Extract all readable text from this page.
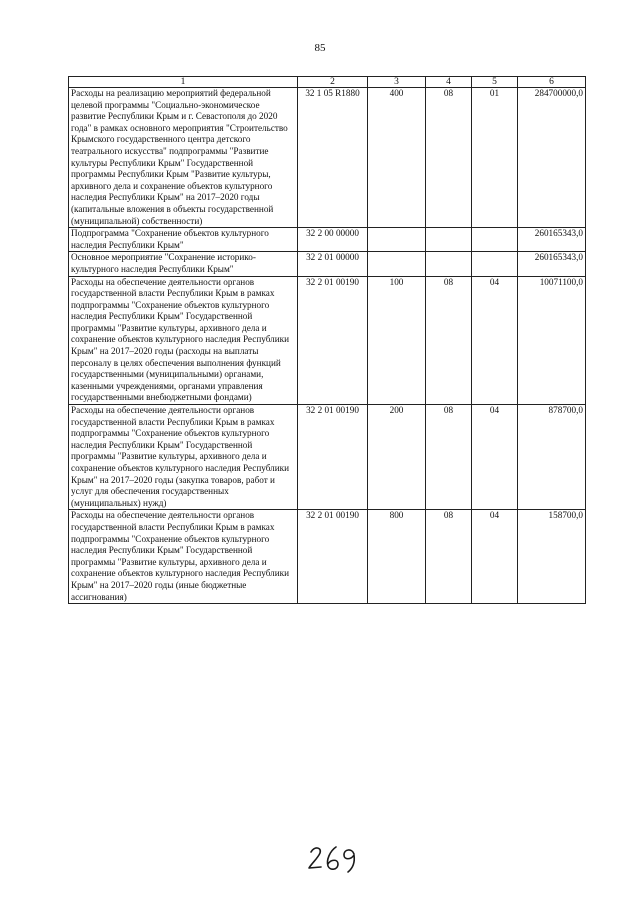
85
1	2	3	4	5	6
Расходы на реализацию мероприятий федеральной целевой программы "Социально-экономическое развитие Республики Крым и г. Севастополя до 2020 года" в рамках основного мероприятия "Строительство Крымского государственного центра детского театрального искусства" подпрограммы "Развитие культуры Республики Крым" Государственной программы Республики Крым "Развитие культуры, архивного дела и сохранение объектов культурного наследия Республики Крым" на 2017–2020 годы (капитальные вложения в объекты государственной (муниципальной) собственности)	32 1 05 R1880	400	08	01	284700000,0
Подпрограмма "Сохранение объектов культурного наследия Республики Крым"	32 2 00 00000				260165343,0
Основное мероприятие "Сохранение историко-культурного наследия Республики Крым"	32 2 01 00000				260165343,0
Расходы на обеспечение деятельности органов государственной власти Республики Крым в рамках подпрограммы "Сохранение объектов культурного наследия Республики Крым" Государственной программы "Развитие культуры, архивного дела и сохранение объектов культурного наследия Республики Крым" на 2017–2020 годы (расходы на выплаты персоналу в целях обеспечения выполнения функций государственными (муниципальными) органами, казенными учреждениями, органами управления государственными внебюджетными фондами)	32 2 01 00190	100	08	04	10071100,0
Расходы на обеспечение деятельности органов государственной власти Республики Крым в рамках подпрограммы "Сохранение объектов культурного наследия Республики Крым" Государственной программы "Развитие культуры, архивного дела и сохранение объектов культурного наследия Республики Крым" на 2017–2020 годы (закупка товаров, работ и услуг для обеспечения государственных (муниципальных) нужд)	32 2 01 00190	200	08	04	878700,0
Расходы на обеспечение деятельности органов государственной власти Республики Крым в рамках подпрограммы "Сохранение объектов культурного наследия Республики Крым" Государственной программы "Развитие культуры, архивного дела и сохранение объектов культурного наследия Республики Крым" на 2017–2020 годы (иные бюджетные ассигнования)	32 2 01 00190	800	08	04	158700,0
